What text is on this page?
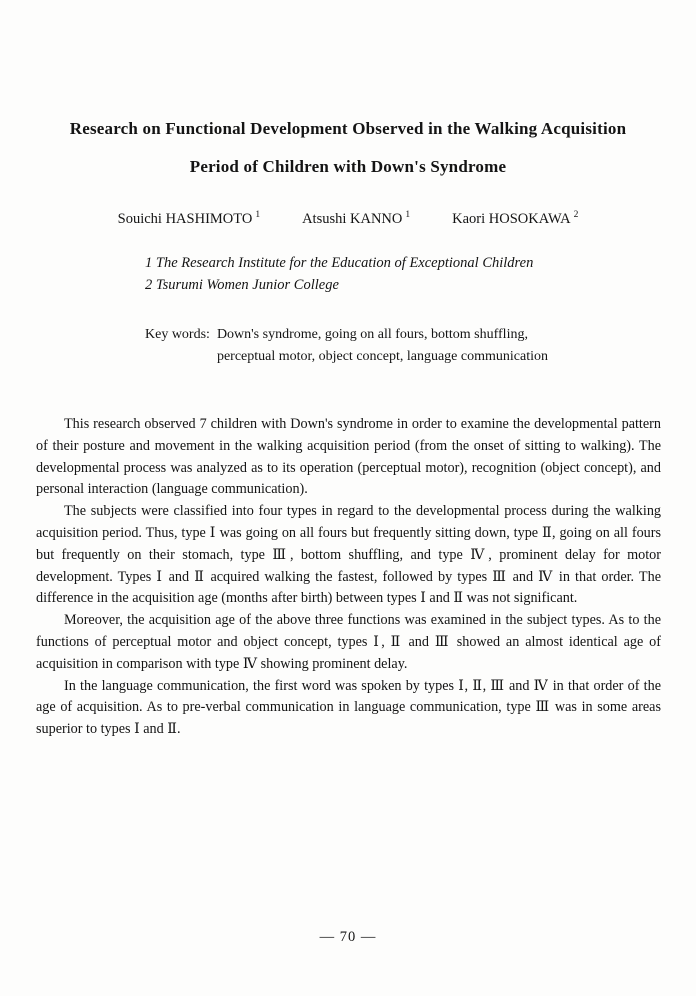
Research on Functional Development Observed in the Walking Acquisition
Period of Children with Down's Syndrome
Souichi HASHIMOTO $^1$	Atsushi KANNO $^1$	Kaori HOSOKAWA $^2$
1 The Research Institute for the Education of Exceptional Children
2 Tsurumi Women Junior College
Key words: Down's syndrome, going on all fours, bottom shuffling,
perceptual motor, object concept, language communication

This research observed 7 children with Down's syndrome in order to examine the developmental pattern of their posture and movement in the walking acquisition period (from the onset of sitting to walking). The developmental process was analyzed as to its operation (perceptual motor), recognition (object concept), and personal interaction (language communication).

The subjects were classified into four types in regard to the developmental process during the walking acquisition period. Thus, type Ⅰ was going on all fours but frequently sitting down, type Ⅱ, going on all fours but frequently on their stomach, type Ⅲ, bottom shuffling, and type Ⅳ, prominent delay for motor development. Types Ⅰ and Ⅱ acquired walking the fastest, followed by types Ⅲ and Ⅳ in that order. The difference in the acquisition age (months after birth) between types Ⅰ and Ⅱ was not significant.

Moreover, the acquisition age of the above three functions was examined in the subject types. As to the functions of perceptual motor and object concept, types Ⅰ, Ⅱ and Ⅲ showed an almost identical age of acquisition in comparison with type Ⅳ showing prominent delay.

In the language communication, the first word was spoken by types Ⅰ, Ⅱ, Ⅲ and Ⅳ in that order of the age of acquisition. As to pre-verbal communication in language communication, type Ⅲ was in some areas superior to types Ⅰ and Ⅱ.

— 70 —
